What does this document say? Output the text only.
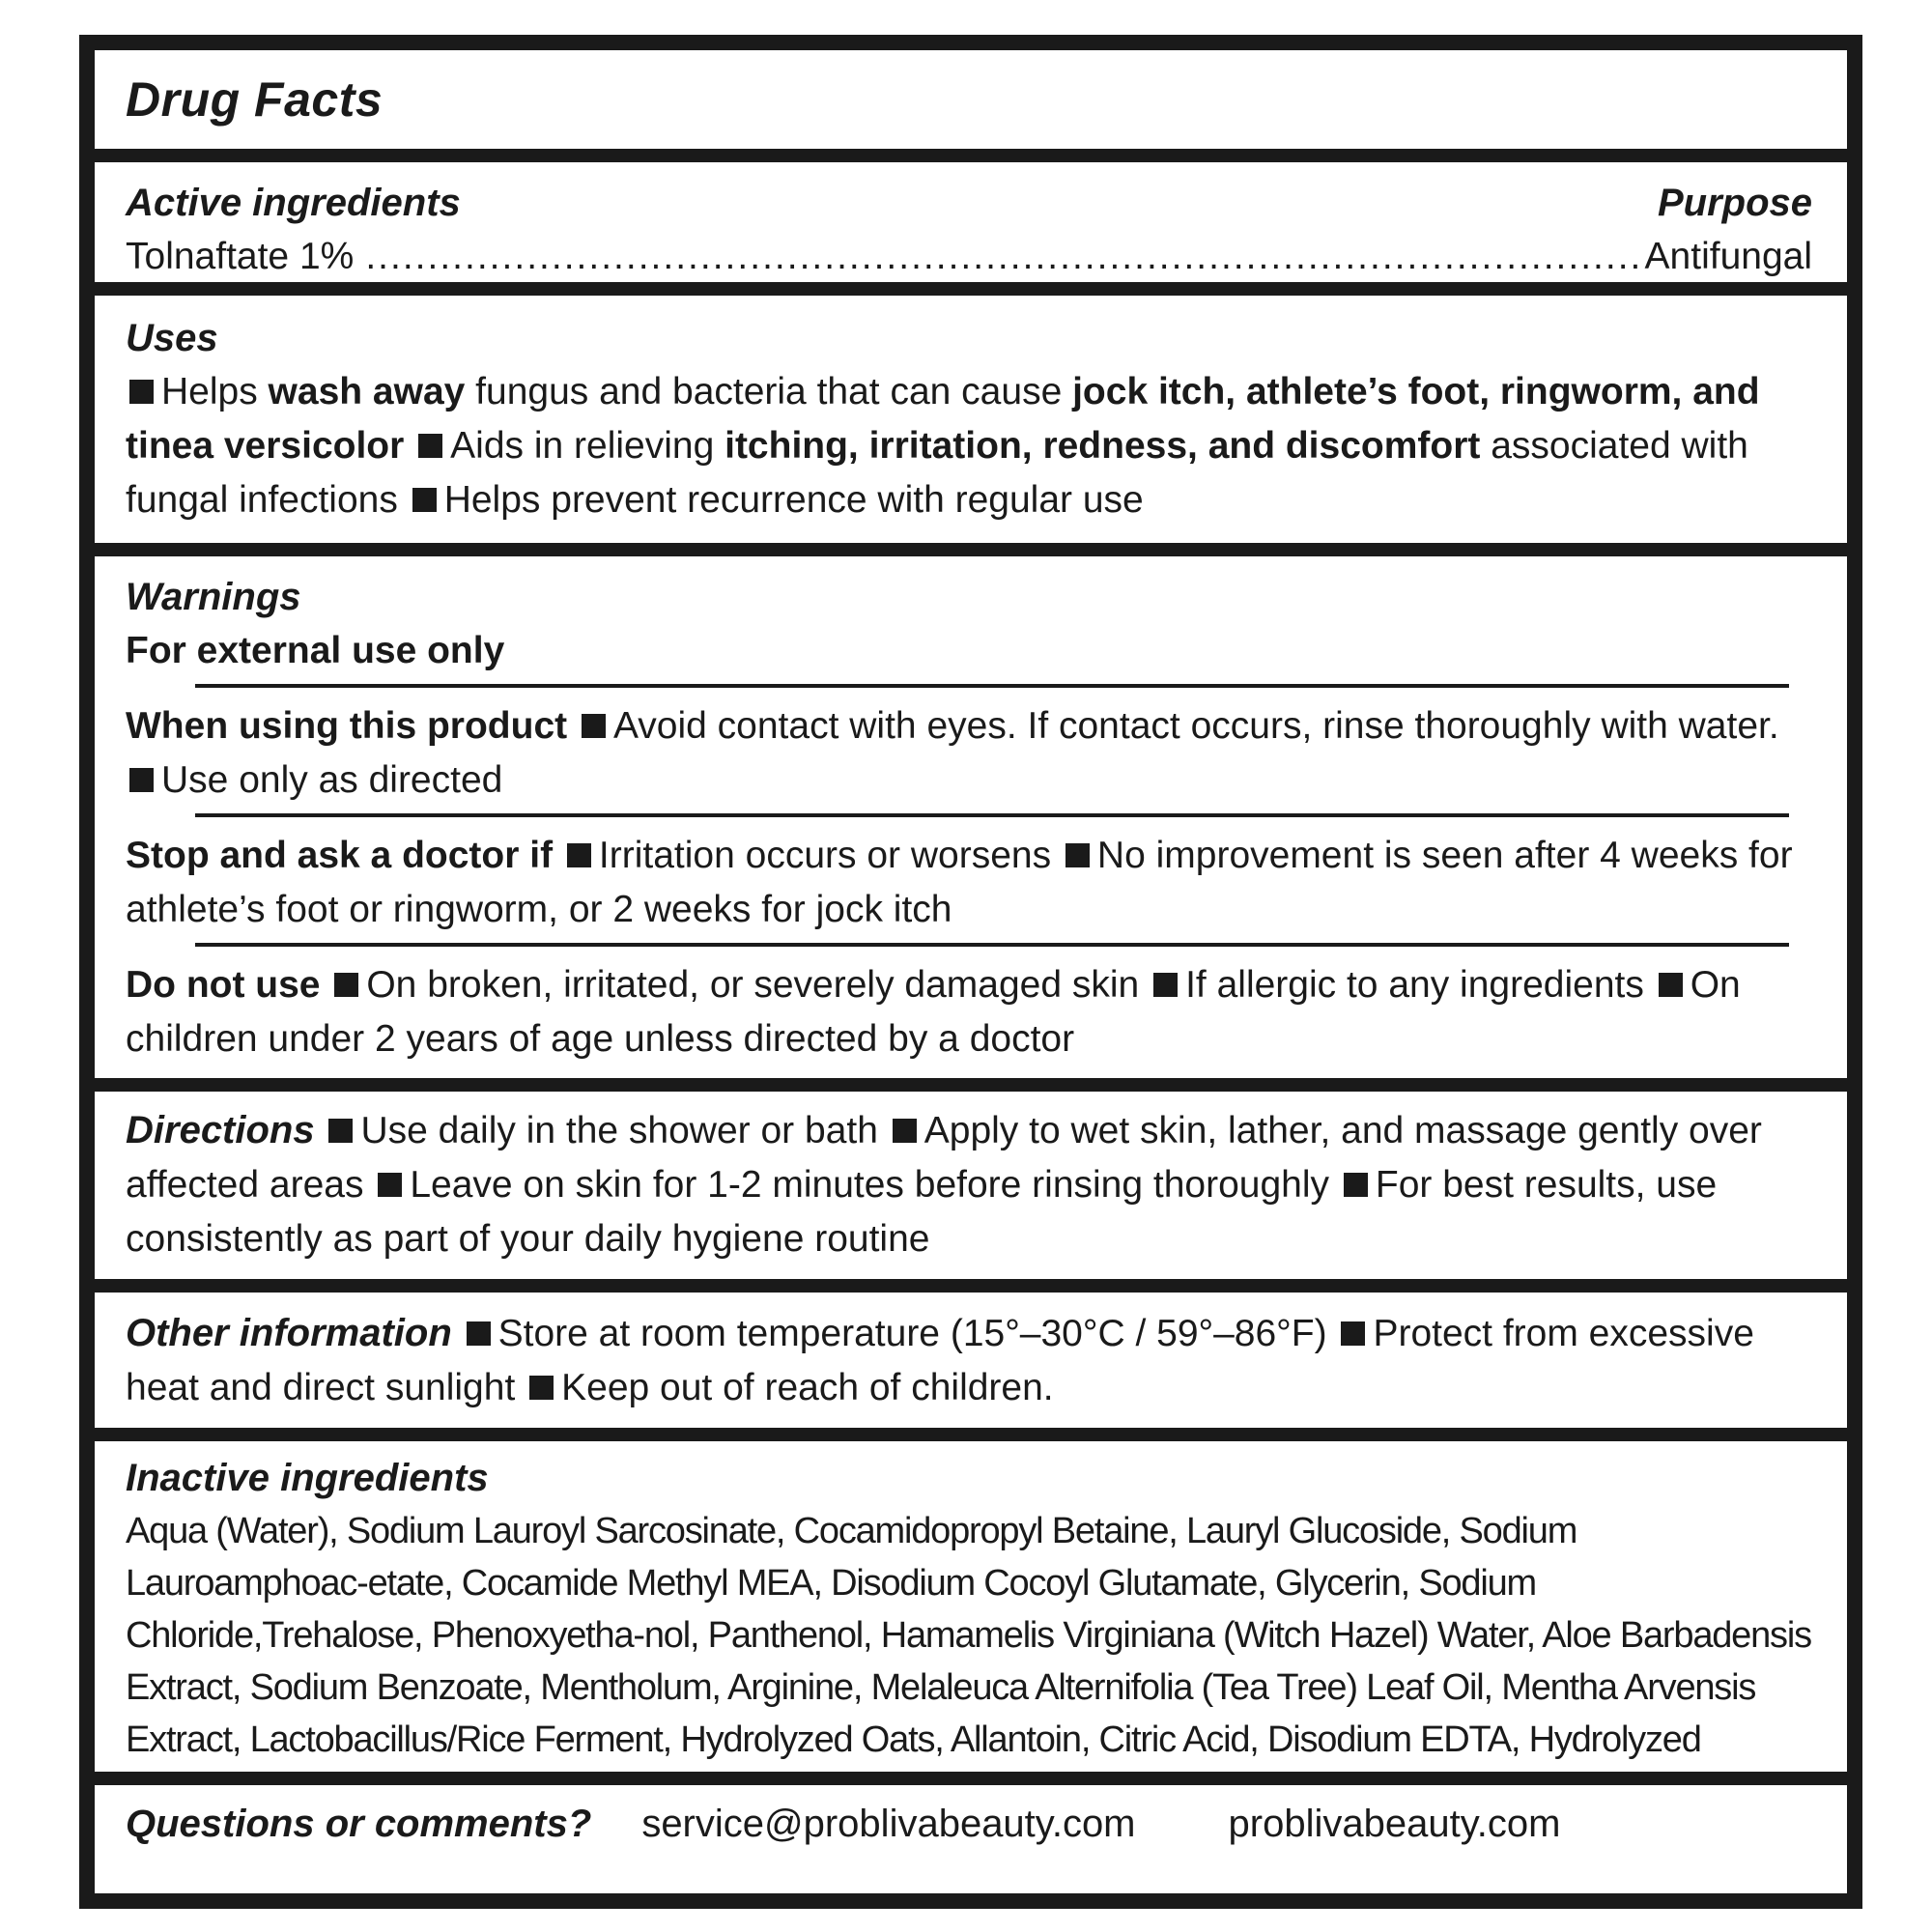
Drug Facts
Active ingredients	Purpose
Tolnaftate 1%
.....	Antifungal
Uses
Helps wash away fungus and bacteria that can cause jock itch, athlete’s foot, ringworm, and tinea versicolor Aids in relieving itching, irritation, redness, and discomfort associated with fungal infections Helps prevent recurrence with regular use
Warnings
For external use only
When using this product Avoid contact with eyes. If contact occurs, rinse thoroughly with water. Use only as directed
Stop and ask a doctor if Irritation occurs or worsens No improvement is seen after 4 weeks for athlete’s foot or ringworm, or 2 weeks for jock itch
Do not use On broken, irritated, or severely damaged skin If allergic to any ingredients On children under 2 years of age unless directed by a doctor
Directions Use daily in the shower or bath Apply to wet skin, lather, and massage gently over affected areas Leave on skin for 1-2 minutes before rinsing thoroughly For best results, use consistently as part of your daily hygiene routine
Other information Store at room temperature (15°–30°C / 59°–86°F) Protect from excessive heat and direct sunlight Keep out of reach of children.
Inactive ingredients
Aqua (Water), Sodium Lauroyl Sarcosinate, Cocamidopropyl Betaine, Lauryl Glucoside, Sodium Lauroamphoac-etate, Cocamide Methyl MEA, Disodium Cocoyl Glutamate, Glycerin, Sodium Chloride,Trehalose, Phenoxyetha-nol, Panthenol, Hamamelis Virginiana (Witch Hazel) Water, Aloe Barbadensis Extract, Sodium Benzoate, Mentholum, Arginine, Melaleuca Alternifolia (Tea Tree) Leaf Oil, Mentha Arvensis Extract, Lactobacillus/Rice Ferment, Hydrolyzed Oats, Allantoin, Citric Acid, Disodium EDTA, Hydrolyzed
Questions or comments? service@problivabeauty.com problivabeauty.com
